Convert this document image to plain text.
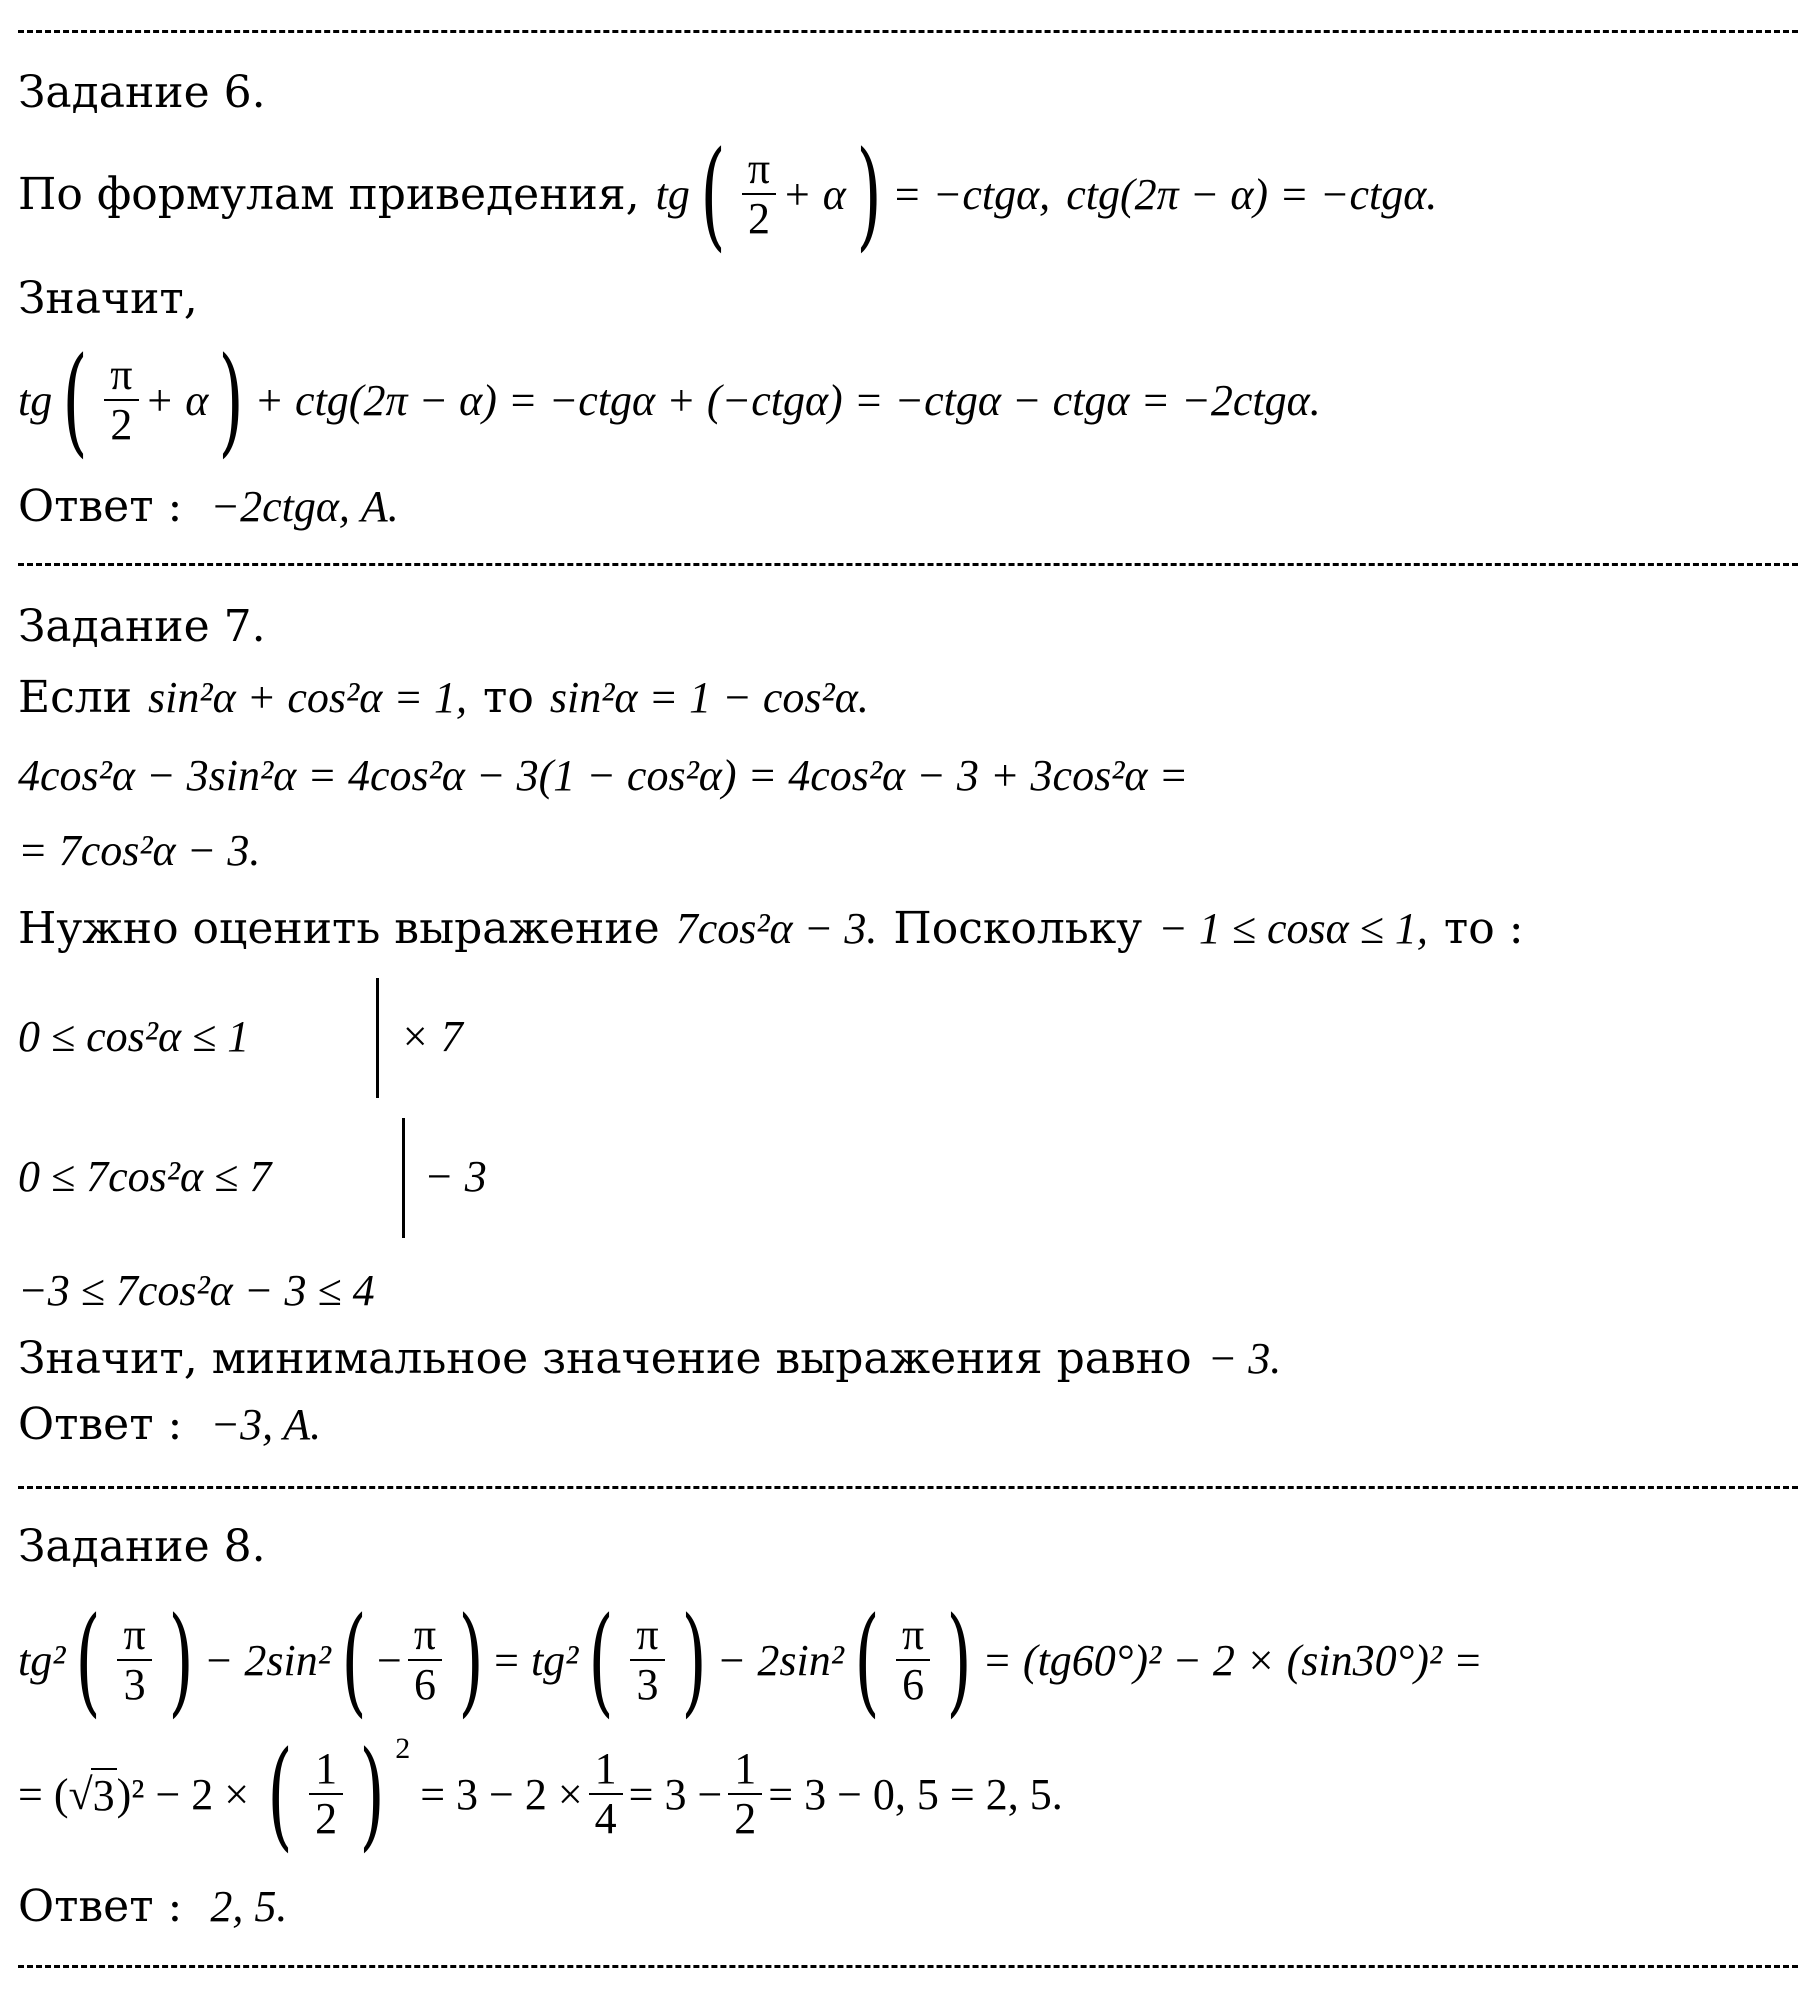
Задание 6.
По формулам приведения, tg ( $\frac{\pi}{2} + \alpha$ ) = −ctgα, ctg(2π − α) = −ctgα.
Значит,
tg ( $\frac{\pi}{2} + \alpha$ ) + ctg(2π − α) = −ctgα + (−ctgα) = −ctgα − ctgα = −2ctgα.
Ответ : −2ctgα, A.
Задание 7.
Если sin²α + cos²α = 1, то sin²α = 1 − cos²α.
4cos²α − 3sin²α = 4cos²α − 3(1 − cos²α) = 4cos²α − 3 + 3cos²α =
= 7cos²α − 3.
Нужно оценить выражение 7cos²α − 3. Поскольку − 1 ≤ cosα ≤ 1, то :
0 ≤ cos²α ≤ 1	× 7
0 ≤ 7cos²α ≤ 7	− 3
−3 ≤ 7cos²α − 3 ≤ 4
Значит, минимальное значение выражения равно − 3.
Ответ : −3, A.
Задание 8.
tg² ( $\frac{\pi}{3}$ ) − 2sin² ( − $\frac{\pi}{6}$ ) = tg² ( $\frac{\pi}{3}$ ) − 2sin² ( $\frac{\pi}{6}$ ) = (tg60°)² − 2 × (sin30°)² =
= ( √ 3 )² − 2 × ( $\frac{1}{2}$ ) 2
= $3 - 2 \times \frac{1}{4} = 3 - \frac{1}{2} = 3 - 0$, 5 = 2, 5.
Ответ : 2, 5.
